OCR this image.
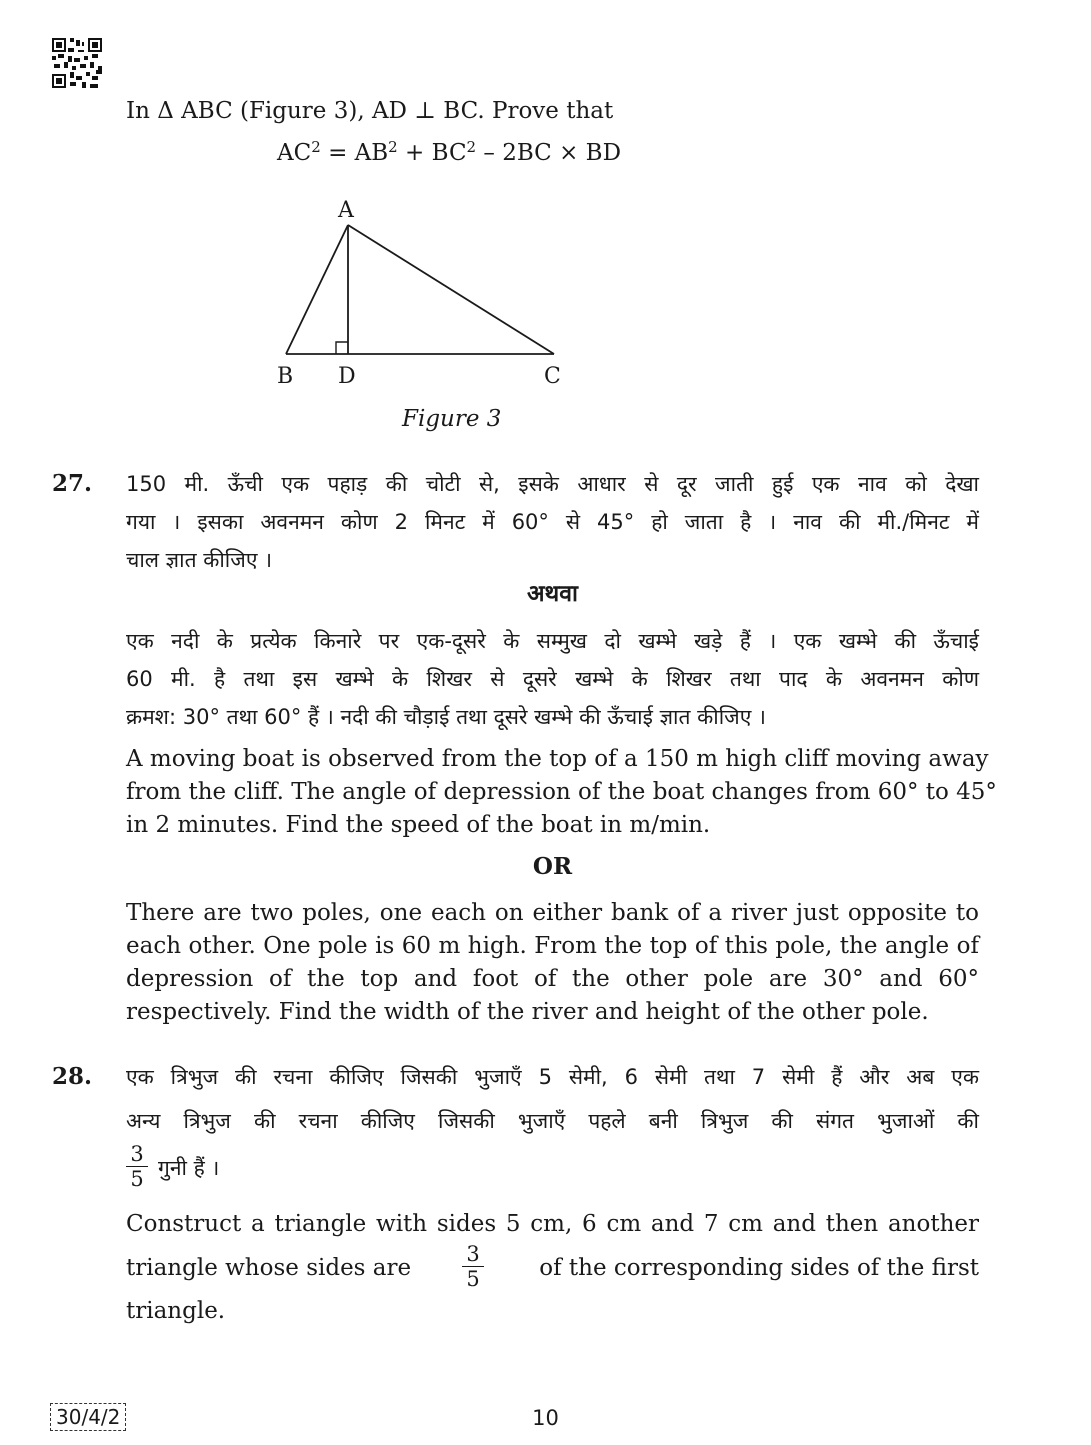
In Δ ABC (Figure 3), AD ⊥ BC. Prove that
$AC^2 = AB^2 + BC^2 - 2BC$ × BD
A
B D	C
Figure 3
27. 150 मी. ऊँची एक पहाड़ की चोटी से, इसके आधार से दूर जाती हुई एक नाव को देखा
गया । इसका अवनमन कोण 2 मिनट में 60° से 45° हो जाता है । नाव की मी./मिनट में
चाल ज्ञात कीजिए ।
अथवा
एक नदी के प्रत्येक किनारे पर एक-दूसरे के सम्मुख दो खम्भे खड़े हैं । एक खम्भे की ऊँचाई
60 मी. है तथा इस खम्भे के शिखर से दूसरे खम्भे के शिखर तथा पाद के अवनमन कोण
क्रमश: 30° तथा 60° हैं । नदी की चौड़ाई तथा दूसरे खम्भे की ऊँचाई ज्ञात कीजिए ।
A moving boat is observed from the top of a 150 m high cliff moving away
from the cliff. The angle of depression of the boat changes from 60° to 45°
in 2 minutes. Find the speed of the boat in m/min.
OR
There are two poles, one each on either bank of a river just opposite to
each other. One pole is 60 m high. From the top of this pole, the angle of
depression of the top and foot of the other pole are 30° and 60°
respectively. Find the width of the river and height of the other pole.
28. एक त्रिभुज की रचना कीजिए जिसकी भुजाएँ 5 सेमी, 6 सेमी तथा 7 सेमी हैं और अब एक
अन्य त्रिभुज की रचना कीजिए जिसकी भुजाएँ पहले बनी त्रिभुज की संगत भुजाओं की
3
5 गुनी हैं ।
Construct a triangle with sides 5 cm, 6 cm and 7 cm and then another
triangle whose sides are
3
5	of the corresponding sides of the first
triangle.
30/4/2	10
